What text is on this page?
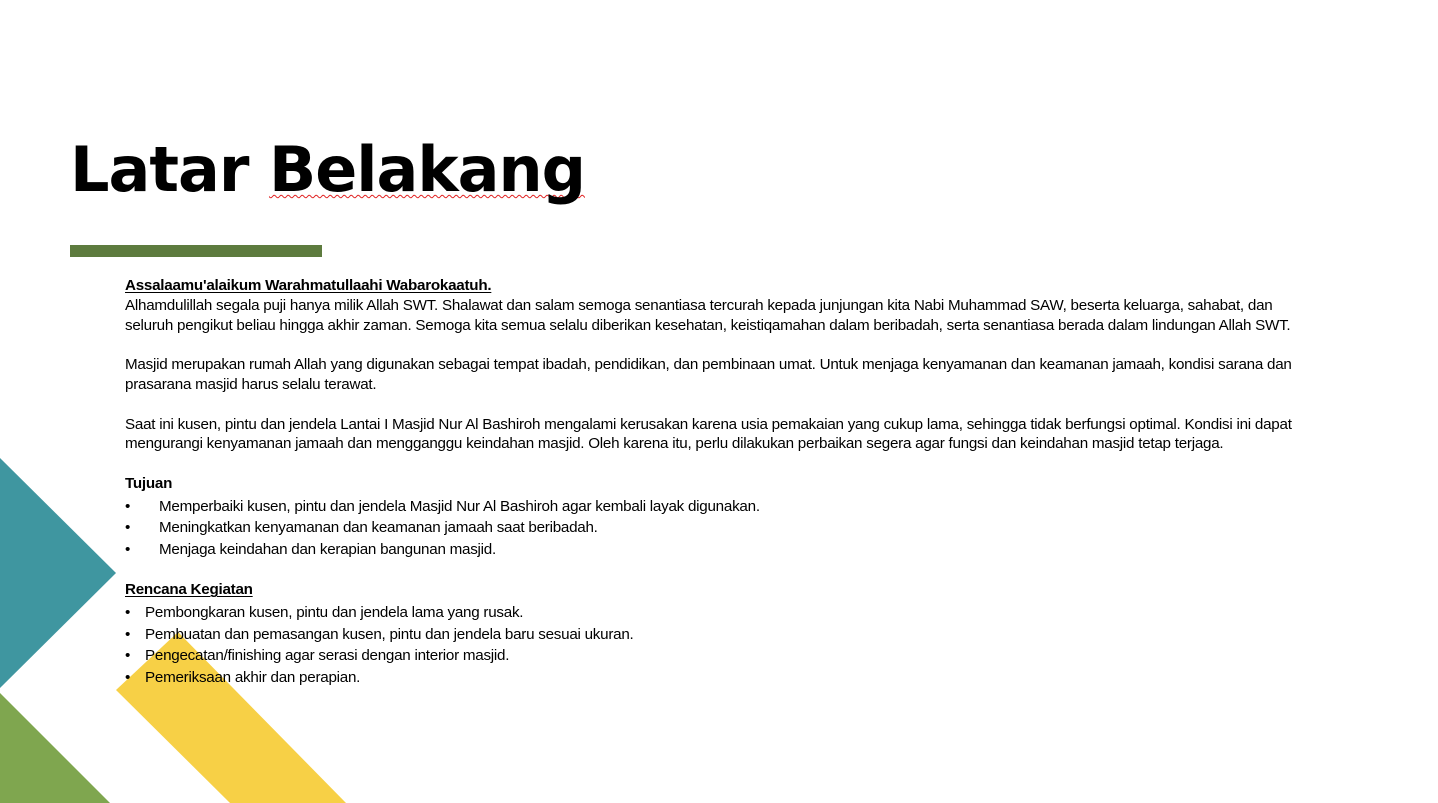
Latar Belakang

Assalaamu'alaikum Warahmatullaahi Wabarokaatuh.

Alhamdulillah segala puji hanya milik Allah SWT. Shalawat dan salam semoga senantiasa tercurah kepada junjungan kita Nabi Muhammad SAW, beserta keluarga, sahabat, dan seluruh pengikut beliau hingga akhir zaman. Semoga kita semua selalu diberikan kesehatan, keistiqamahan dalam beribadah, serta senantiasa berada dalam lindungan Allah SWT.

Masjid merupakan rumah Allah yang digunakan sebagai tempat ibadah, pendidikan, dan pembinaan umat. Untuk menjaga kenyamanan dan keamanan jamaah, kondisi sarana dan prasarana masjid harus selalu terawat.

Saat ini kusen, pintu dan jendela Lantai I Masjid Nur Al Bashiroh mengalami kerusakan karena usia pemakaian yang cukup lama, sehingga tidak berfungsi optimal. Kondisi ini dapat mengurangi kenyamanan jamaah dan mengganggu keindahan masjid. Oleh karena itu, perlu dilakukan perbaikan segera agar fungsi dan keindahan masjid tetap terjaga.

Tujuan

• Memperbaiki kusen, pintu dan jendela Masjid Nur Al Bashiroh agar kembali layak digunakan.
• Meningkatkan kenyamanan dan keamanan jamaah saat beribadah.
• Menjaga keindahan dan kerapian bangunan masjid.

Rencana Kegiatan

• Pembongkaran kusen, pintu dan jendela lama yang rusak.
• Pembuatan dan pemasangan kusen, pintu dan jendela baru sesuai ukuran.
• Pengecatan/finishing agar serasi dengan interior masjid.
• Pemeriksaan akhir dan perapian.
